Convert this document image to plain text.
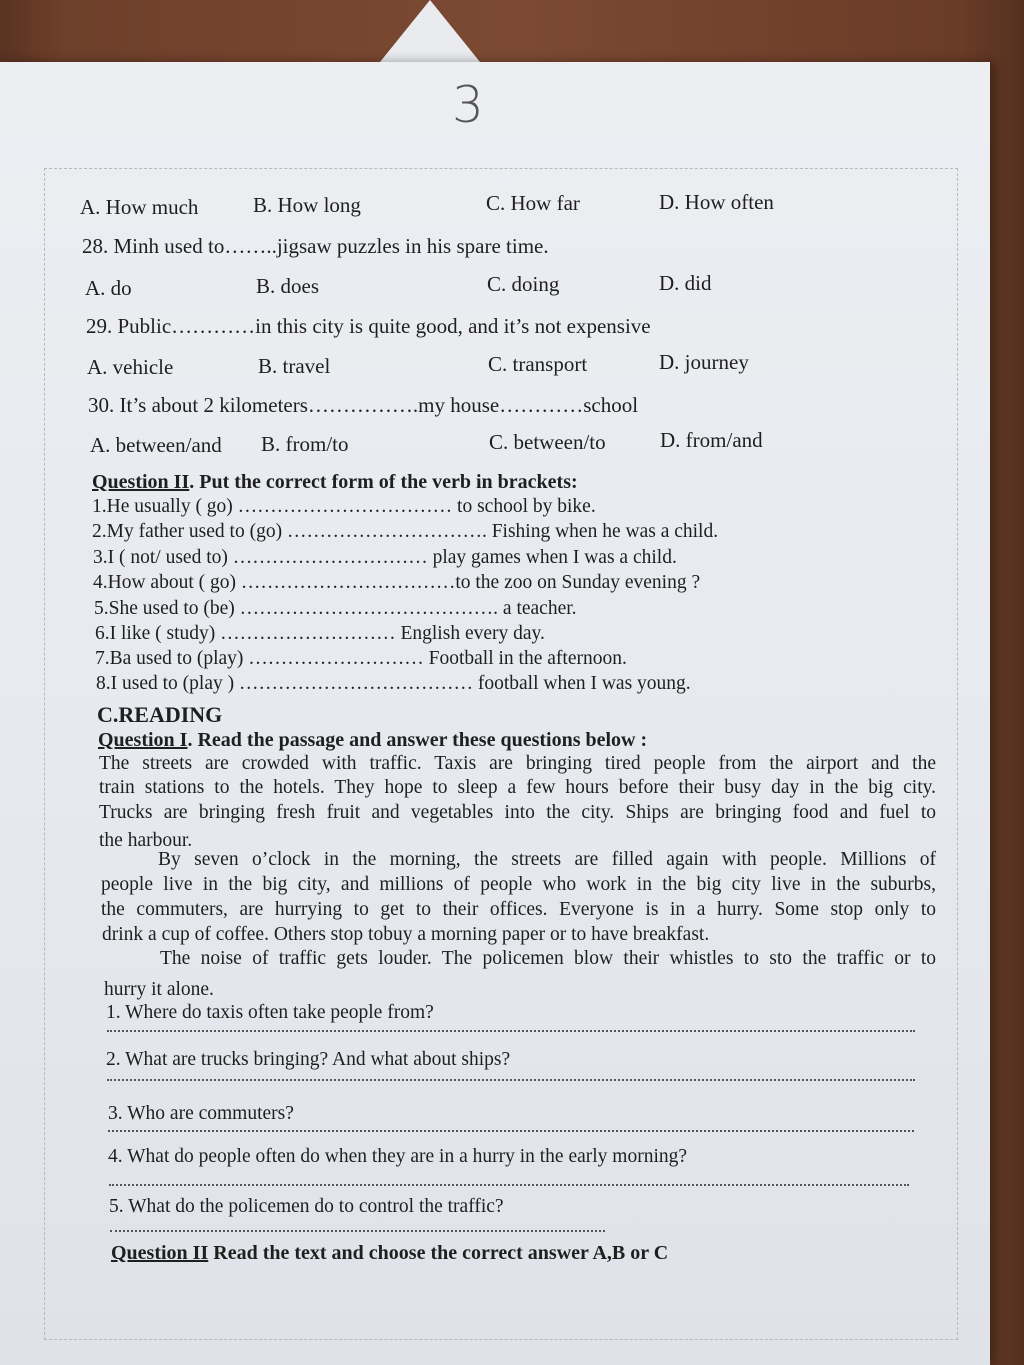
3
A. How much	B. How long	C. How far	D. How often
28. Minh used to……..jigsaw puzzles in his spare time.
A. do	B. does	C. doing	D. did
29. Public…………in this city is quite good, and it’s not expensive
A. vehicle	B. travel	C. transport	D. journey
30. It’s about 2 kilometers…………….my house…………school
A. between/and B. from/to	C. between/to	D. from/and
Question II. Put the correct form of the verb in brackets:
1.He usually ( go) …………………………… to school by bike.
2.My father used to (go) …………………………. Fishing when he was a child.
3.I ( not/ used to) ………………………… play games when I was a child.
4.How about ( go) ……………………………to the zoo on Sunday evening ?
5.She used to (be) …………………………………. a teacher.
6.I like ( study) ……………………… English every day.
7.Ba used to (play) ……………………… Football in the afternoon.
8.I used to (play ) ……………………………… football when I was young.
C.READING
Question I. Read the passage and answer these questions below :
The streets are crowded with traffic. Taxis are bringing tired people from the airport and the
train stations to the hotels. They hope to sleep a few hours before their busy day in the big city.
Trucks are bringing fresh fruit and vegetables into the city. Ships are bringing food and fuel to
the harbour.
By seven o’clock in the morning, the streets are filled again with people. Millions of
people live in the big city, and millions of people who work in the big city live in the suburbs,
the commuters, are hurrying to get to their offices. Everyone is in a hurry. Some stop only to
drink a cup of coffee. Others stop tobuy a morning paper or to have breakfast.
The noise of traffic gets louder. The policemen blow their whistles to sto the traffic or to
hurry it alone.
1. Where do taxis often take people from?
2. What are trucks bringing? And what about ships?
3. Who are commuters?
4. What do people often do when they are in a hurry in the early morning?
5. What do the policemen do to control the traffic?
Question II Read the text and choose the correct answer A,B or C
